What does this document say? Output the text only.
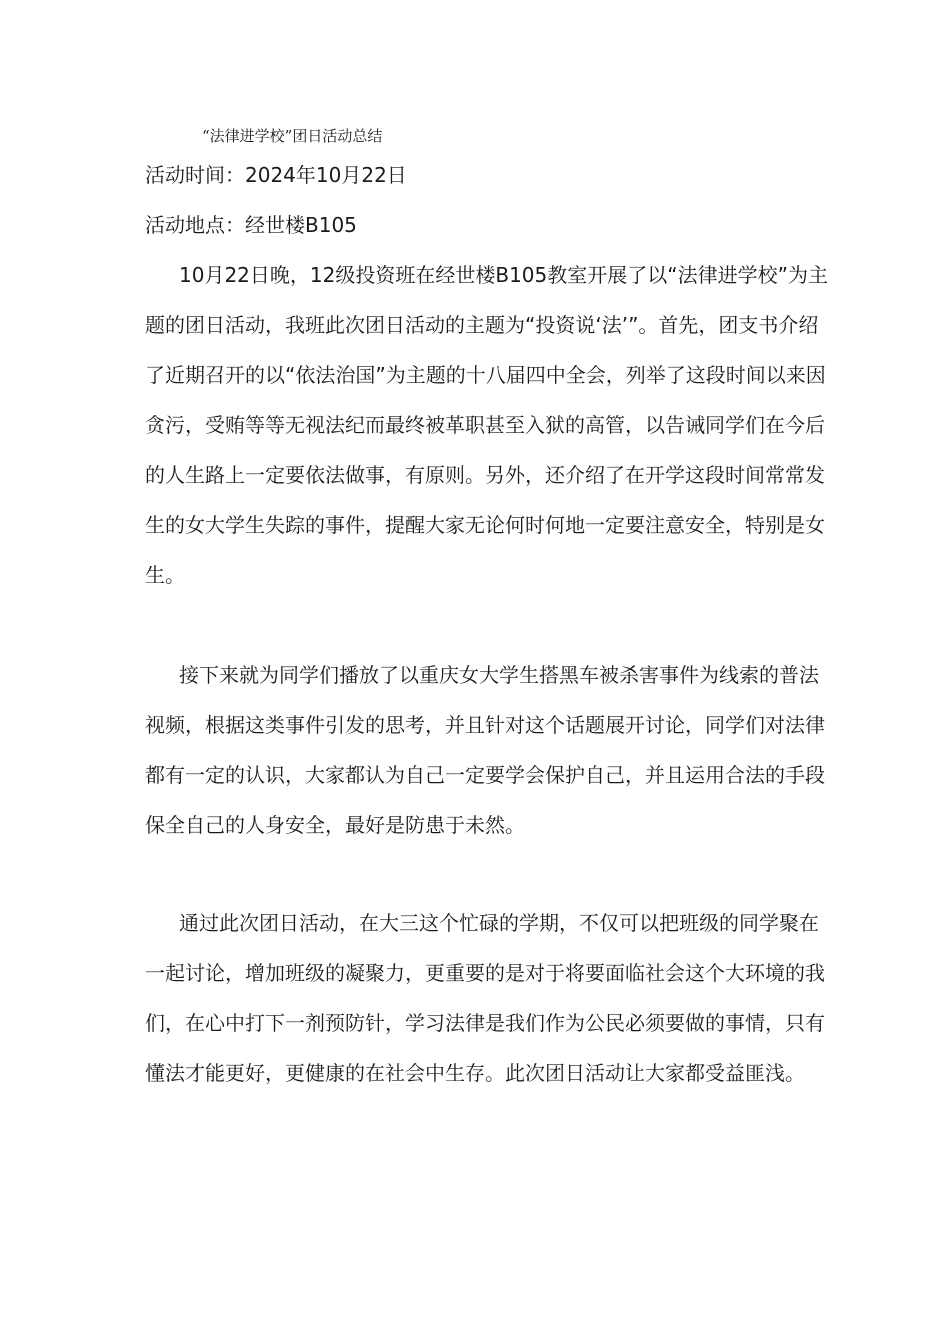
“法律进学校”团日活动总结

活动时间：2024年10月22日

活动地点：经世楼B105

10月22日晚，12级投资班在经世楼B105教室开展了以“法律进学校”为主题的团日活动，我班此次团日活动的主题为“投资说‘法’”。首先，团支书介绍了近期召开的以“依法治国”为主题的十八届四中全会，列举了这段时间以来因贪污，受贿等等无视法纪而最终被革职甚至入狱的高管，以告诫同学们在今后的人生路上一定要依法做事，有原则。另外，还介绍了在开学这段时间常常发生的女大学生失踪的事件，提醒大家无论何时何地一定要注意安全，特别是女生。

接下来就为同学们播放了以重庆女大学生搭黑车被杀害事件为线索的普法视频，根据这类事件引发的思考，并且针对这个话题展开讨论，同学们对法律都有一定的认识，大家都认为自己一定要学会保护自己，并且运用合法的手段保全自己的人身安全，最好是防患于未然。

通过此次团日活动，在大三这个忙碌的学期，不仅可以把班级的同学聚在一起讨论，增加班级的凝聚力，更重要的是对于将要面临社会这个大环境的我们，在心中打下一剂预防针，学习法律是我们作为公民必须要做的事情，只有懂法才能更好，更健康的在社会中生存。此次团日活动让大家都受益匪浅。
